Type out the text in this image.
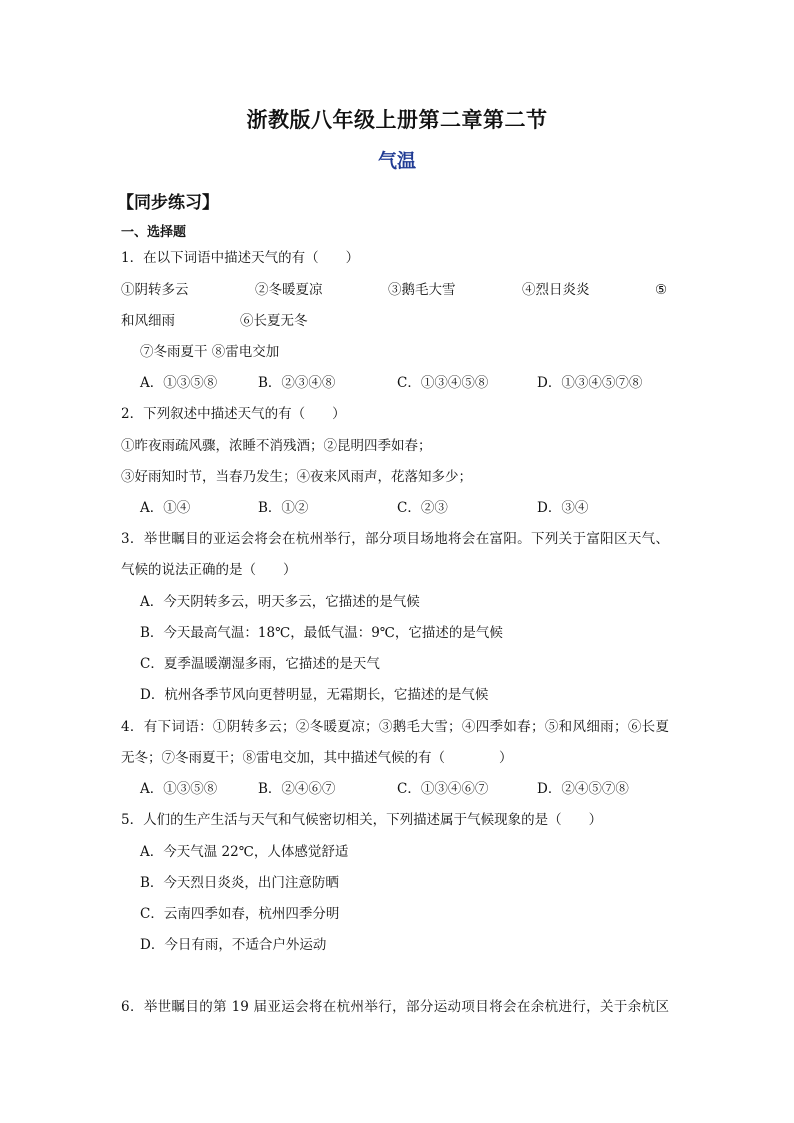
浙教版八年级上册第二章第二节
气温
【同步练习】
一、选择题
1．在以下词语中描述天气的有（　　）
①阴转多云	②冬暖夏凉	③鹅毛大雪	④烈日炎炎	⑤
和风细雨	⑥长夏无冬
⑦冬雨夏干 ⑧雷电交加
A．①③⑤⑧	B．②③④⑧	C．①③④⑤⑧	D．①③④⑤⑦⑧
2．下列叙述中描述天气的有（　　）
①昨夜雨疏风骤，浓睡不消残酒；②昆明四季如春；
③好雨知时节，当春乃发生；④夜来风雨声，花落知多少；
A．①④	B．①②	C．②③	D．③④
3．举世瞩目的亚运会将会在杭州举行，部分项目场地将会在富阳。下列关于富阳区天气、
气候的说法正确的是（　　）
A．今天阴转多云，明天多云，它描述的是气候
B．今天最高气温：18℃，最低气温：9℃，它描述的是气候
C．夏季温暖潮湿多雨，它描述的是天气
D．杭州各季节风向更替明显，无霜期长，它描述的是气候
4．有下词语：①阴转多云；②冬暖夏凉；③鹅毛大雪；④四季如春；⑤和风细雨；⑥长夏
无冬；⑦冬雨夏干；⑧雷电交加，其中描述气候的有（　　　　）
A．①③⑤⑧	B．②④⑥⑦	C．①③④⑥⑦	D．②④⑤⑦⑧
5．人们的生产生活与天气和气候密切相关，下列描述属于气候现象的是（　　）
A．今天气温 22℃，人体感觉舒适
B．今天烈日炎炎，出门注意防晒
C．云南四季如春，杭州四季分明
D．今日有雨，不适合户外运动
6．举世瞩目的第 19 届亚运会将在杭州举行，部分运动项目将会在余杭进行，关于余杭区
